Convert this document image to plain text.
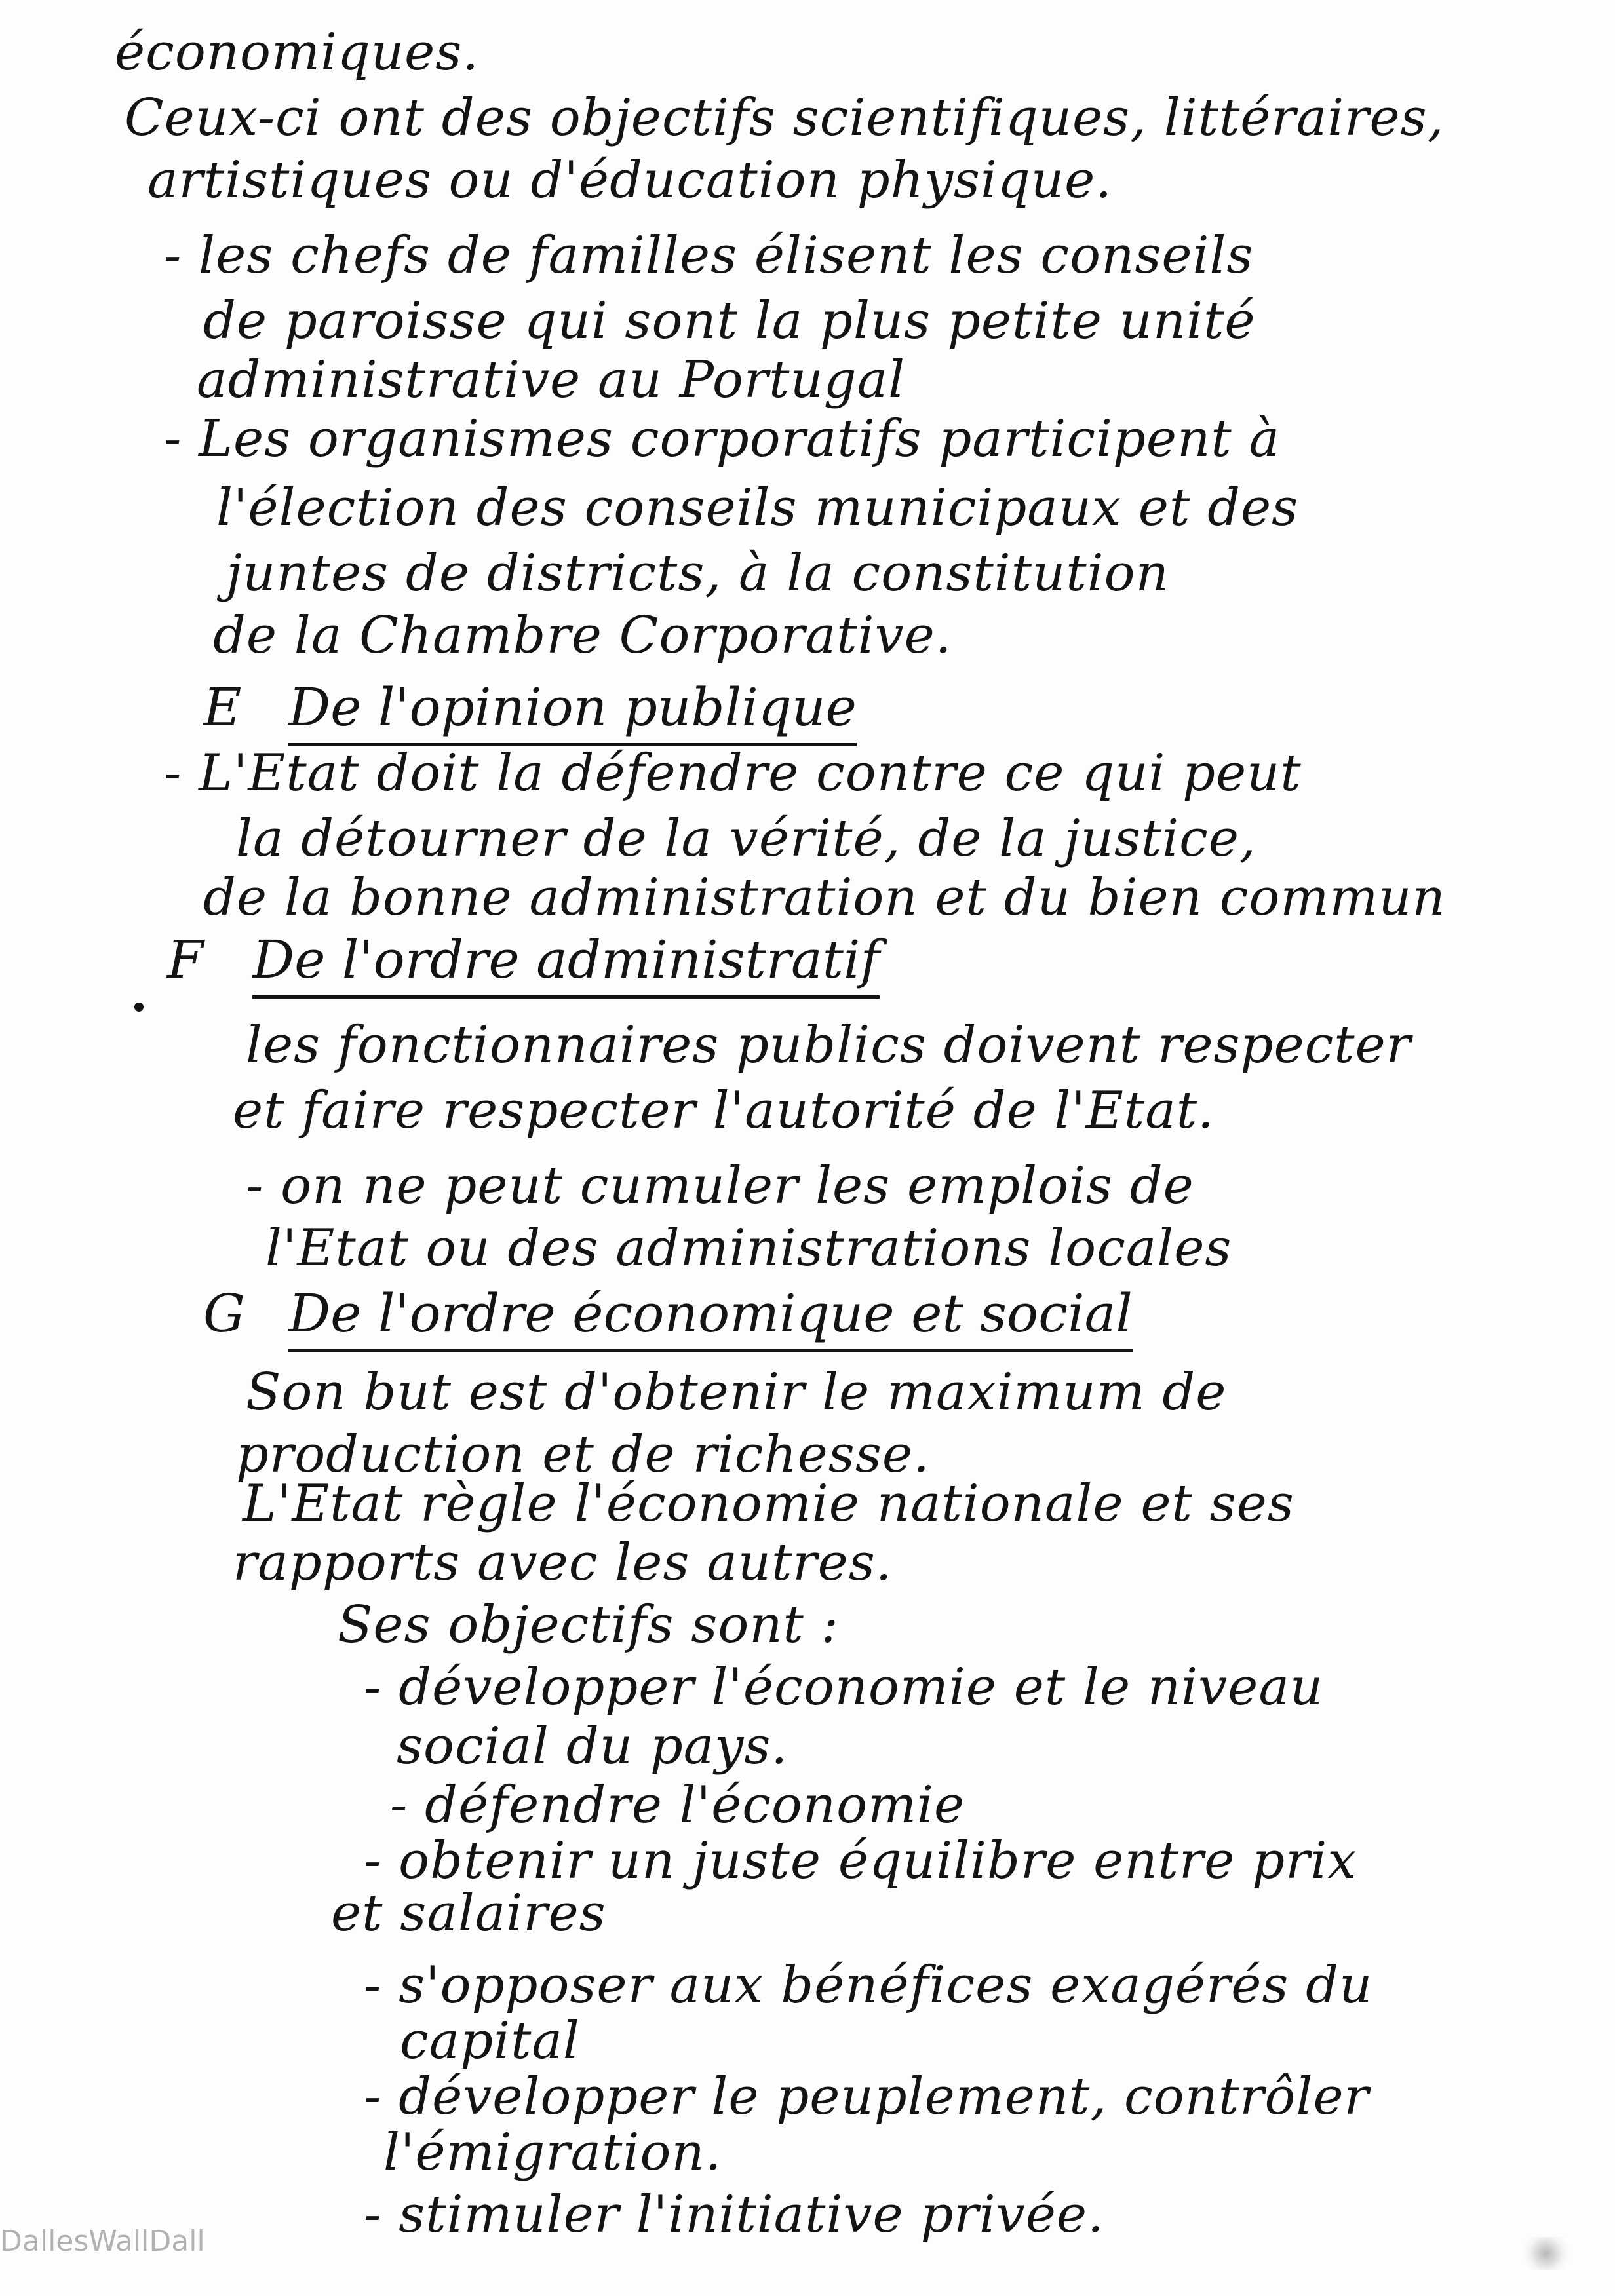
économiques.
Ceux-ci ont des objectifs scientifiques, littéraires,
artistiques ou d'éducation physique.
- les chefs de familles élisent les conseils
de paroisse qui sont la plus petite unité
administrative au Portugal
- Les organismes corporatifs participent à
l'élection des conseils municipaux et des
juntes de districts, à la constitution
de la Chambre Corporative.
E De l'opinion publique
- L'Etat doit la défendre contre ce qui peut
la détourner de la vérité, de la justice,
de la bonne administration et du bien commun
F De l'ordre administratif
les fonctionnaires publics doivent respecter
et faire respecter l'autorité de l'Etat.
- on ne peut cumuler les emplois de
l'Etat ou des administrations locales
G De l'ordre économique et social
Son but est d'obtenir le maximum de
production et de richesse.
L'Etat règle l'économie nationale et ses
rapports avec les autres.
Ses objectifs sont :
- développer l'économie et le niveau
social du pays.
- défendre l'économie
- obtenir un juste équilibre entre prix
et salaires
- s'opposer aux bénéfices exagérés du
capital
- développer le peuplement, contrôler
l'émigration.
- stimuler l'initiative privée.
DallesWallDall
